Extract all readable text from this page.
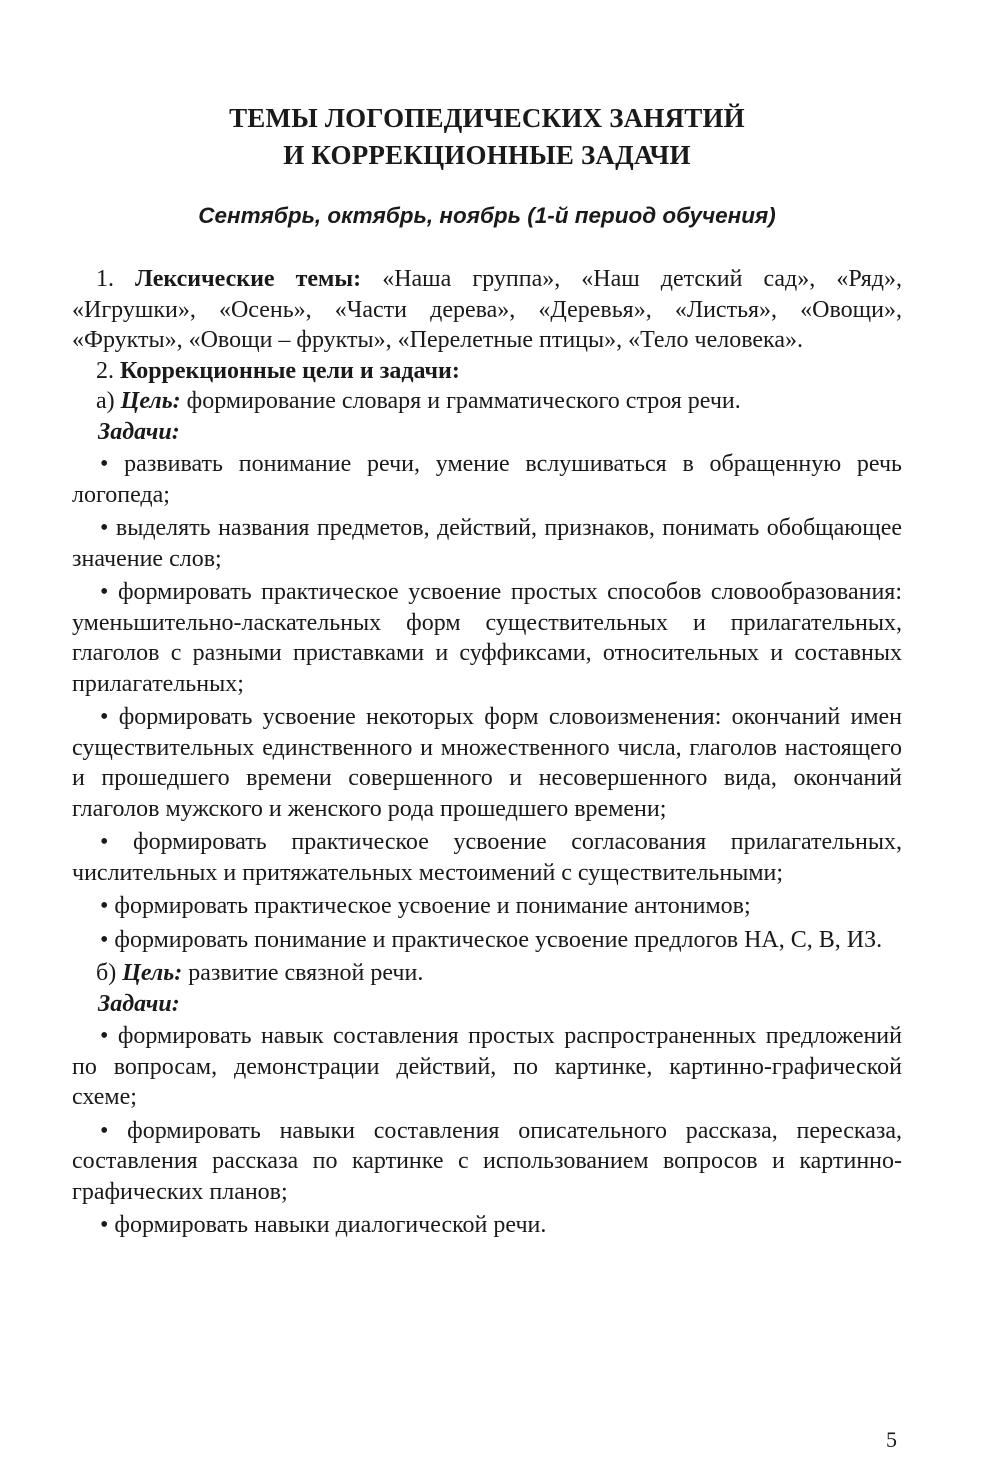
ТЕМЫ ЛОГОПЕДИЧЕСКИХ ЗАНЯТИЙ

И КОРРЕКЦИОННЫЕ ЗАДАЧИ

Сентябрь, октябрь, ноябрь (1-й период обучения)

1. Лексические темы: «Наша группа», «Наш детский сад», «Ряд», «Игрушки», «Осень», «Части дерева», «Деревья», «Листья», «Овощи», «Фрукты», «Овощи – фрукты», «Перелетные птицы», «Тело человека».

2. Коррекционные цели и задачи:

а) Цель: формирование словаря и грамматического строя речи.

Задачи:

• развивать понимание речи, умение вслушиваться в обращенную речь логопеда;

• выделять названия предметов, действий, признаков, понимать обобщающее значение слов;

• формировать практическое усвоение простых способов словообразования: уменьшительно-ласкательных форм существительных и прилагательных, глаголов с разными приставками и суффиксами, относительных и составных прилагательных;

• формировать усвоение некоторых форм словоизменения: окончаний имен существительных единственного и множественного числа, глаголов настоящего и прошедшего времени совершенного и несовершенного вида, окончаний глаголов мужского и женского рода прошедшего времени;

• формировать практическое усвоение согласования прилагательных, числительных и притяжательных местоимений с существительными;

• формировать практическое усвоение и понимание антонимов;

• формировать понимание и практическое усвоение предлогов НА, С, В, ИЗ.

б) Цель: развитие связной речи.

Задачи:

• формировать навык составления простых распространенных предложений по вопросам, демонстрации действий, по картинке, картинно-графической схеме;

• формировать навыки составления описательного рассказа, пересказа, составления рассказа по картинке с использованием вопросов и картинно-графических планов;

• формировать навыки диалогической речи.

5
